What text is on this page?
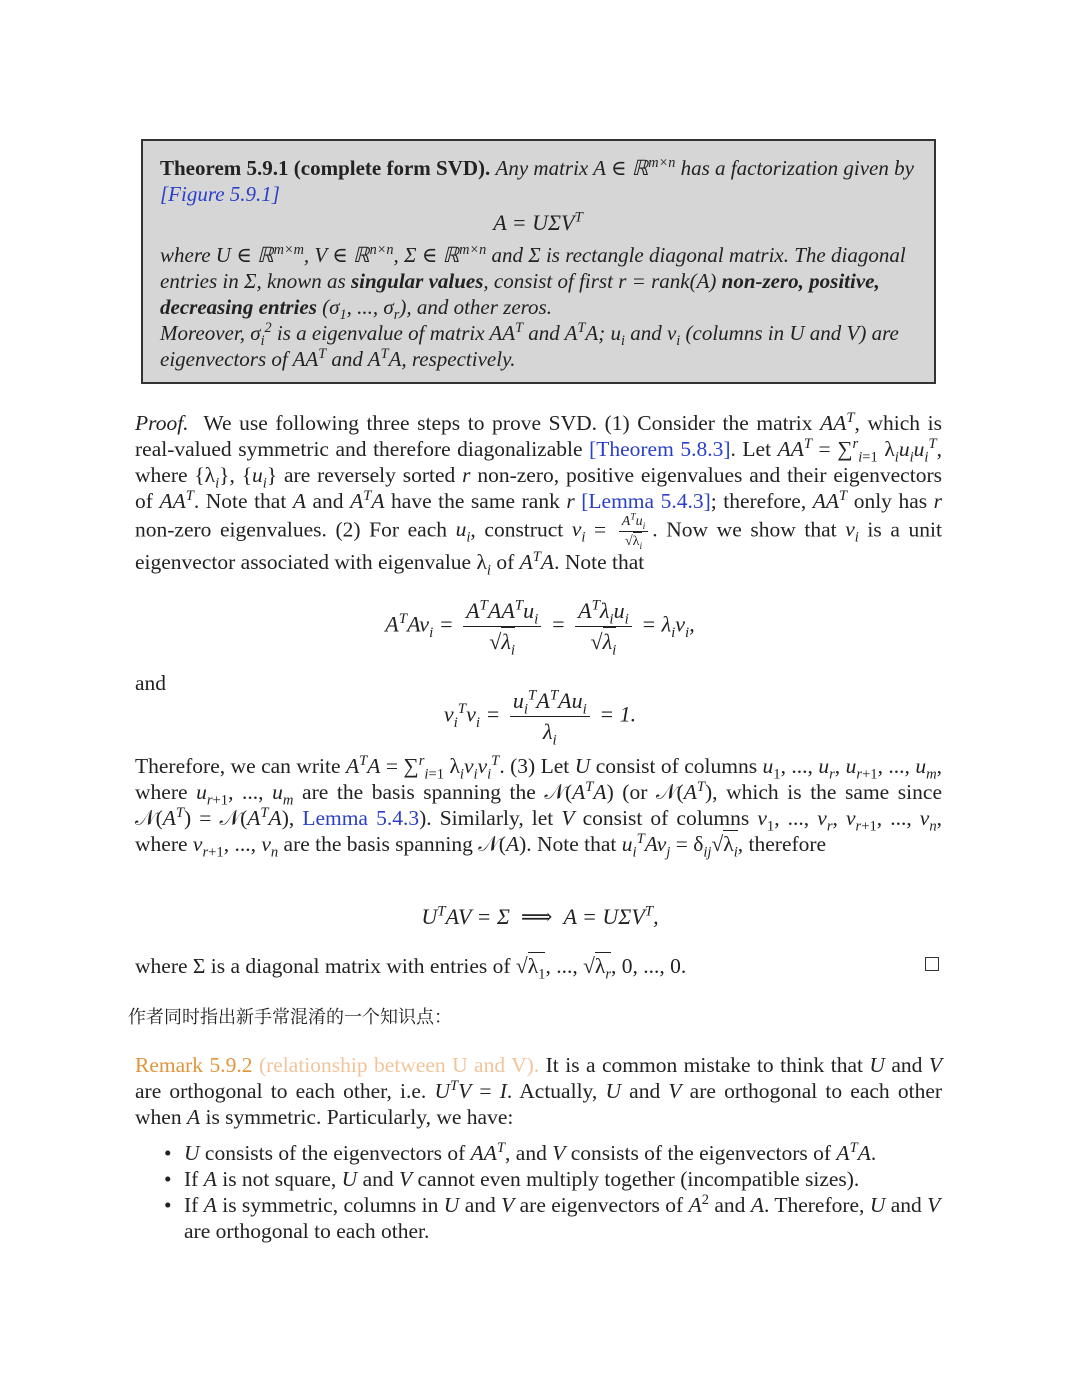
Theorem 5.9.1 (complete form SVD). Any matrix A ∈ ℝ$^{m\times n}$ has a factorization given by [Figure 5.9.1]
$A = U\Sigma V^T$
where U ∈ ℝ$^{m\times m}$, V ∈ ℝ$^{n\times n}$, Σ ∈ ℝ$^{m\times n}$ and Σ is rectangle diagonal matrix. The diagonal entries in Σ, known as singular values, consist of first r = rank(A) non-zero, positive, decreasing entries ($\sigma_1$, ..., $\sigma_r$), and other zeros.
Moreover, $\sigma_i^2$ is a eigenvalue of matrix $AA^T$ and $A^TA$; $u_i$ and $v_i$ (columns in U and V) are eigenvectors of $AA^T$ and $A^TA$, respectively.
Proof.  We use following three steps to prove SVD. (1) Consider the matrix $AA^T$, which is real-valued symmetric and therefore diagonalizable [Theorem 5.8.3]. Let $AA^T = \sum^r_{i=1}$ $\lambda_iu_iu_i^T$, where $\{\lambda_i\}$, $\{u_i\}$ are reversely sorted r non-zero, positive eigenvalues and their eigenvectors of $AA^T$. Note that A and $A^TA$ have the same rank r [Lemma 5.4.3]; therefore, $AA^T$ only has r non-zero eigenvalues. (2) For each $u_i$, construct $v_i = \frac{A^Tu_i}{√\lambda_i}$ . Now we show that $v_i$ is a unit eigenvector associated with eigenvalue $\lambda_i$ of $A^TA$. Note that
$A^TAv_i = \frac{A^TAA^Tu_i}{√\lambda_i} = \frac{A^T\lambda_iu_i}{√\lambda_i} = \lambda_iv_i$,
and
$v_i^Tv_i = \frac{u_i^TA^TAu_i}{\lambda_i} = 1$.
Therefore, we can write $A^TA = \sum^r_{i=1}$ $\lambda_iv_iv_i^T$. (3) Let U consist of columns $u_1$, ..., $u_r$, $u_{r+1}$, ..., $u_m$, where $u_{r+1}$, ..., $u_m$ are the basis spanning the $𝒩(A^TA)$ (or $𝒩(A^T)$, which is the same since $𝒩(A^T)$ = $𝒩(A^TA)$, Lemma 5.4.3). Similarly, let V consist of columns $v_1$, ..., $v_r$, $v_{r+1}$, ..., $v_n$, where $v_{r+1}$, ..., $v_n$ are the basis spanning 𝒩(A). Note that $u_i^TAv_j = \delta_{ij}√\lambda_i$, therefore
$U^TAV = \Sigma$  ⟹  $A = U\Sigma V^T$,
where Σ is a diagonal matrix with entries of $√\lambda_1$, ..., $√\lambda_r$, 0, ..., 0.
作者同时指出新手常混淆的一个知识点：
Remark 5.9.2 (relationship between U and V). It is a common mistake to think that U and V are orthogonal to each other, i.e. $U^TV = I$. Actually, U and V are orthogonal to each other when A is symmetric. Particularly, we have:
• U consists of the eigenvectors of $AA^T$, and V consists of the eigenvectors of $A^TA$.
• If A is not square, U and V cannot even multiply together (incompatible sizes).
• If A is symmetric, columns in U and V are eigenvectors of $A^2$ and A. Therefore, U and V are orthogonal to each other.
